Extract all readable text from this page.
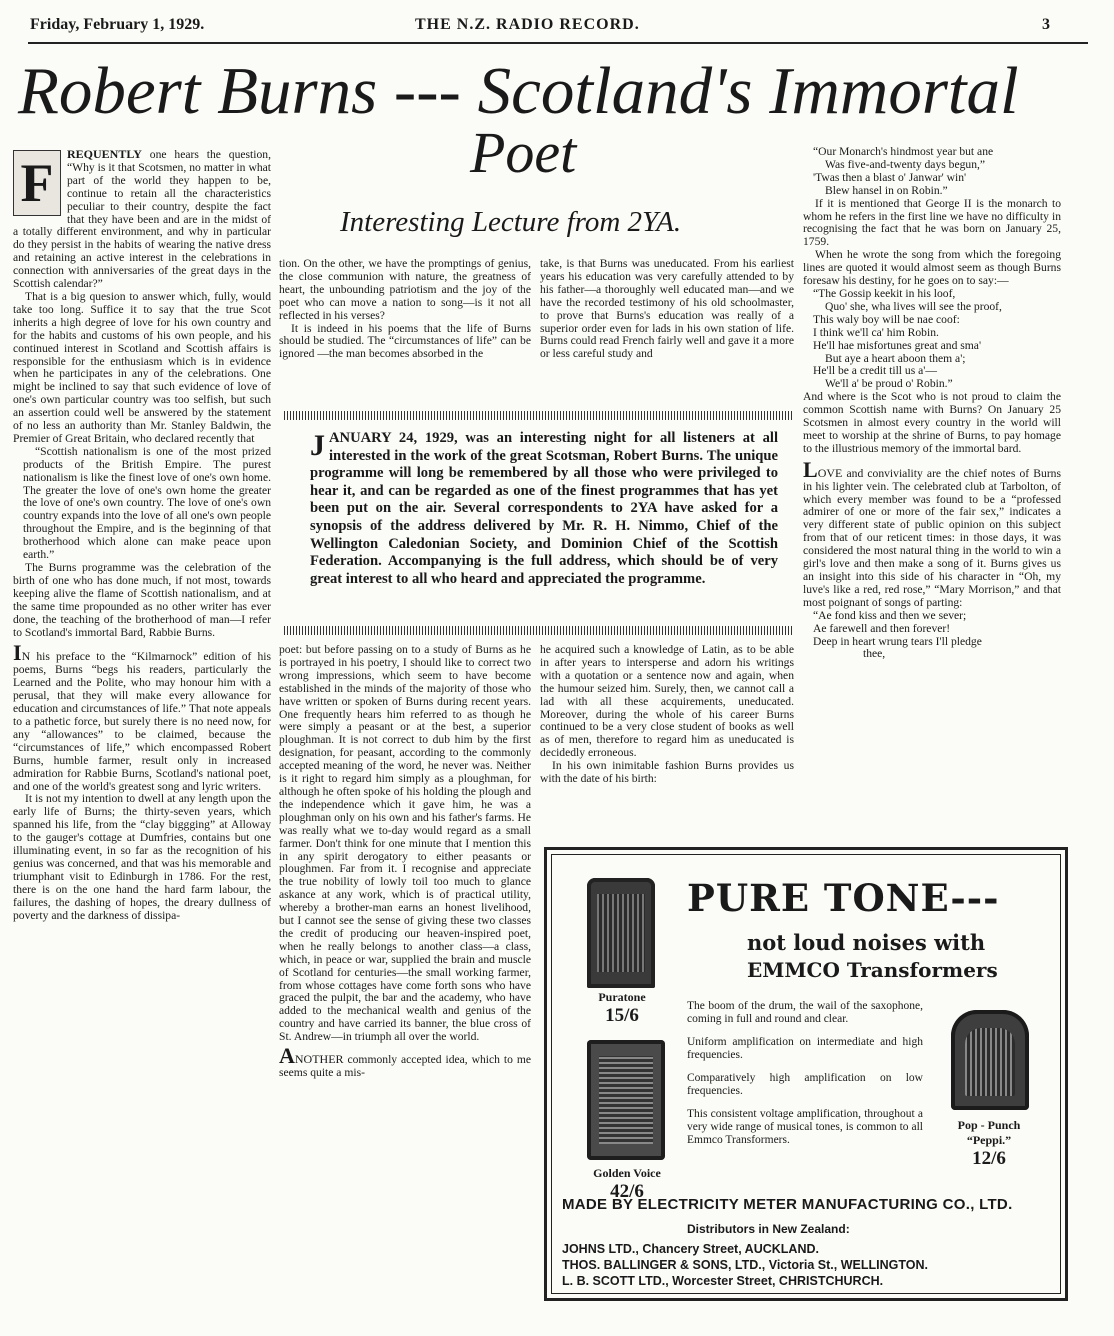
Friday, February 1, 1929.	THE N.Z. RADIO RECORD.	3
Robert Burns --- Scotland's Immortal
Poet
Interesting Lecture from 2YA.

F	REQUENTLY one hears the question, “Why is it that Scotsmen, no matter in what part of the world they happen to be, continue to retain all the characteristics peculiar to their country, despite the fact that they have been and are in the midst of a totally different environment, and why in particular do they persist in the habits of wearing the native dress and retaining an active interest in the celebrations in connection with anniversaries of the great days in the Scottish calendar?”

That is a big quesion to answer which, fully, would take too long. Suffice it to say that the true Scot inherits a high degree of love for his own country and for the habits and customs of his own people, and his continued interest in Scotland and Scottish affairs is responsible for the enthusiasm which is in evidence when he participates in any of the celebrations. One might be inclined to say that such evidence of love of one's own particular country was too selfish, but such an assertion could well be answered by the statement of no less an authority than Mr. Stanley Baldwin, the Premier of Great Britain, who declared recently that

“Scottish nationalism is one of the most prized products of the British Empire. The purest nationalism is like the finest love of one's own home. The greater the love of one's own home the greater the love of one's own country. The love of one's own country expands into the love of all one's own people throughout the Empire, and is the beginning of that brotherhood which alone can make peace upon earth.”

The Burns programme was the celebration of the birth of one who has done much, if not most, towards keeping alive the flame of Scottish nationalism, and at the same time propounded as no other writer has ever done, the teaching of the brotherhood of man—I refer to Scotland's immortal Bard, Rabbie Burns.

IN his preface to the “Kilmarnock” edition of his poems, Burns “begs his readers, particularly the Learned and the Polite, who may honour him with a perusal, that they will make every allowance for education and circumstances of life.” That note appeals to a pathetic force, but surely there is no need now, for any “allowances” to be claimed, because the “circumstances of life,” which encompassed Robert Burns, humble farmer, result only in increased admiration for Rabbie Burns, Scotland's national poet, and one of the world's greatest song and lyric writers.

It is not my intention to dwell at any length upon the early life of Burns; the thirty-seven years, which spanned his life, from the “clay biggging” at Alloway to the gauger's cottage at Dumfries, contains but one illuminating event, in so far as the recognition of his genius was concerned, and that was his memorable and triumphant visit to Edinburgh in 1786. For the rest, there is on the one hand the hard farm labour, the failures, the dashing of hopes, the dreary dullness of poverty and the darkness of dissipa-

tion. On the other, we have the promptings of genius, the close communion with nature, the greatness of heart, the unbounding patriotism and the joy of the poet who can move a nation to song—is it not all reflected in his verses?

It is indeed in his poems that the life of Burns should be studied. The “circumstances of life” can be ignored —the man becomes absorbed in the

take, is that Burns was uneducated. From his earliest years his education was very carefully attended to by his father—a thoroughly well educated man—and we have the recorded testimony of his old schoolmaster, to prove that Burns's education was really of a superior order even for lads in his own station of life. Burns could read French fairly well and gave it a more or less careful study and

JANUARY 24, 1929, was an interesting night for all listeners at all interested in the work of the great Scotsman, Robert Burns. The unique programme will long be remembered by all those who were privileged to hear it, and can be regarded as one of the finest programmes that has yet been put on the air. Several correspondents to 2YA have asked for a synopsis of the address delivered by Mr. R. H. Nimmo, Chief of the Wellington Caledonian Society, and Dominion Chief of the Scottish Federation. Accompanying is the full address, which should be of very great interest to all who heard and appreciated the programme.

poet: but before passing on to a study of Burns as he is portrayed in his poetry, I should like to correct two wrong impressions, which seem to have become established in the minds of the majority of those who have written or spoken of Burns during recent years. One frequently hears him referred to as though he were simply a peasant or at the best, a superior ploughman. It is not correct to dub him by the first designation, for peasant, according to the commonly accepted meaning of the word, he never was. Neither is it right to regard him simply as a ploughman, for although he often spoke of his holding the plough and the independence which it gave him, he was a ploughman only on his own and his father's farms. He was really what we to-day would regard as a small farmer. Don't think for one minute that I mention this in any spirit derogatory to either peasants or ploughmen. Far from it. I recognise and appreciate the true nobility of lowly toil too much to glance askance at any work, which is of practical utility, whereby a brother-man earns an honest livelihood, but I cannot see the sense of giving these two classes the credit of producing our heaven-inspired poet, when he really belongs to another class—a class, which, in peace or war, supplied the brain and muscle of Scotland for centuries—the small working farmer, from whose cottages have come forth sons who have graced the pulpit, the bar and the academy, who have added to the mechanical wealth and genius of the country and have carried its banner, the blue cross of St. Andrew—in triumph all over the world.

ANOTHER commonly accepted idea, which to me seems quite a mis-

he acquired such a knowledge of Latin, as to be able in after years to intersperse and adorn his writings with a quotation or a sentence now and again, when the humour seized him. Surely, then, we cannot call a lad with all these acquirements, uneducated. Moreover, during the whole of his career Burns continued to be a very close student of books as well as of men, therefore to regard him as uneducated is decidedly erroneous.

In his own inimitable fashion Burns provides us with the date of his birth:

“Our Monarch's hindmost year but ane

Was five-and-twenty days begun,”

'Twas then a blast o' Janwar' win'

Blew hansel in on Robin.”

If it is mentioned that George II is the monarch to whom he refers in the first line we have no difficulty in recognising the fact that he was born on January 25, 1759.

When he wrote the song from which the foregoing lines are quoted it would almost seem as though Burns foresaw his destiny, for he goes on to say:—

“The Gossip keekit in his loof,

Quo' she, wha lives will see the proof,

This waly boy will be nae coof:

I think we'll ca' him Robin.

He'll hae misfortunes great and sma'

But aye a heart aboon them a';

He'll be a credit till us a'—

We'll a' be proud o' Robin.”

And where is the Scot who is not proud to claim the common Scottish name with Burns? On January 25 Scotsmen in almost every country in the world will meet to worship at the shrine of Burns, to pay homage to the illustrious memory of the immortal bard.

LOVE and conviviality are the chief notes of Burns in his lighter vein. The celebrated club at Tarbolton, of which every member was found to be a “professed admirer of one or more of the fair sex,” indicates a very different state of public opinion on this subject from that of our reticent times: in those days, it was considered the most natural thing in the world to win a girl's love and then make a song of it. Burns gives us an insight into this side of his character in “Oh, my luve's like a red, red rose,” “Mary Morrison,” and that most poignant of songs of parting:

“Ae fond kiss and then we sever;

Ae farewell and then forever!

Deep in heart wrung tears I'll pledge

thee,

Puratone
15/6
Golden Voice
42/6
Pop - Punch “Peppi.”
12/6
PURE TONE---
not loud noises with
EMMCO Transformers

The boom of the drum, the wail of the saxophone, coming in full and round and clear.

Uniform amplification on intermediate and high frequencies.

Comparatively high amplification on low frequencies.

This consistent voltage amplification, throughout a very wide range of musical tones, is common to all Emmco Transformers.

MADE BY ELECTRICITY METER MANUFACTURING CO., LTD.
Distributors in New Zealand:
JOHNS LTD., Chancery Street, AUCKLAND.
THOS. BALLINGER & SONS, LTD., Victoria St., WELLINGTON.
L. B. SCOTT LTD., Worcester Street, CHRISTCHURCH.
